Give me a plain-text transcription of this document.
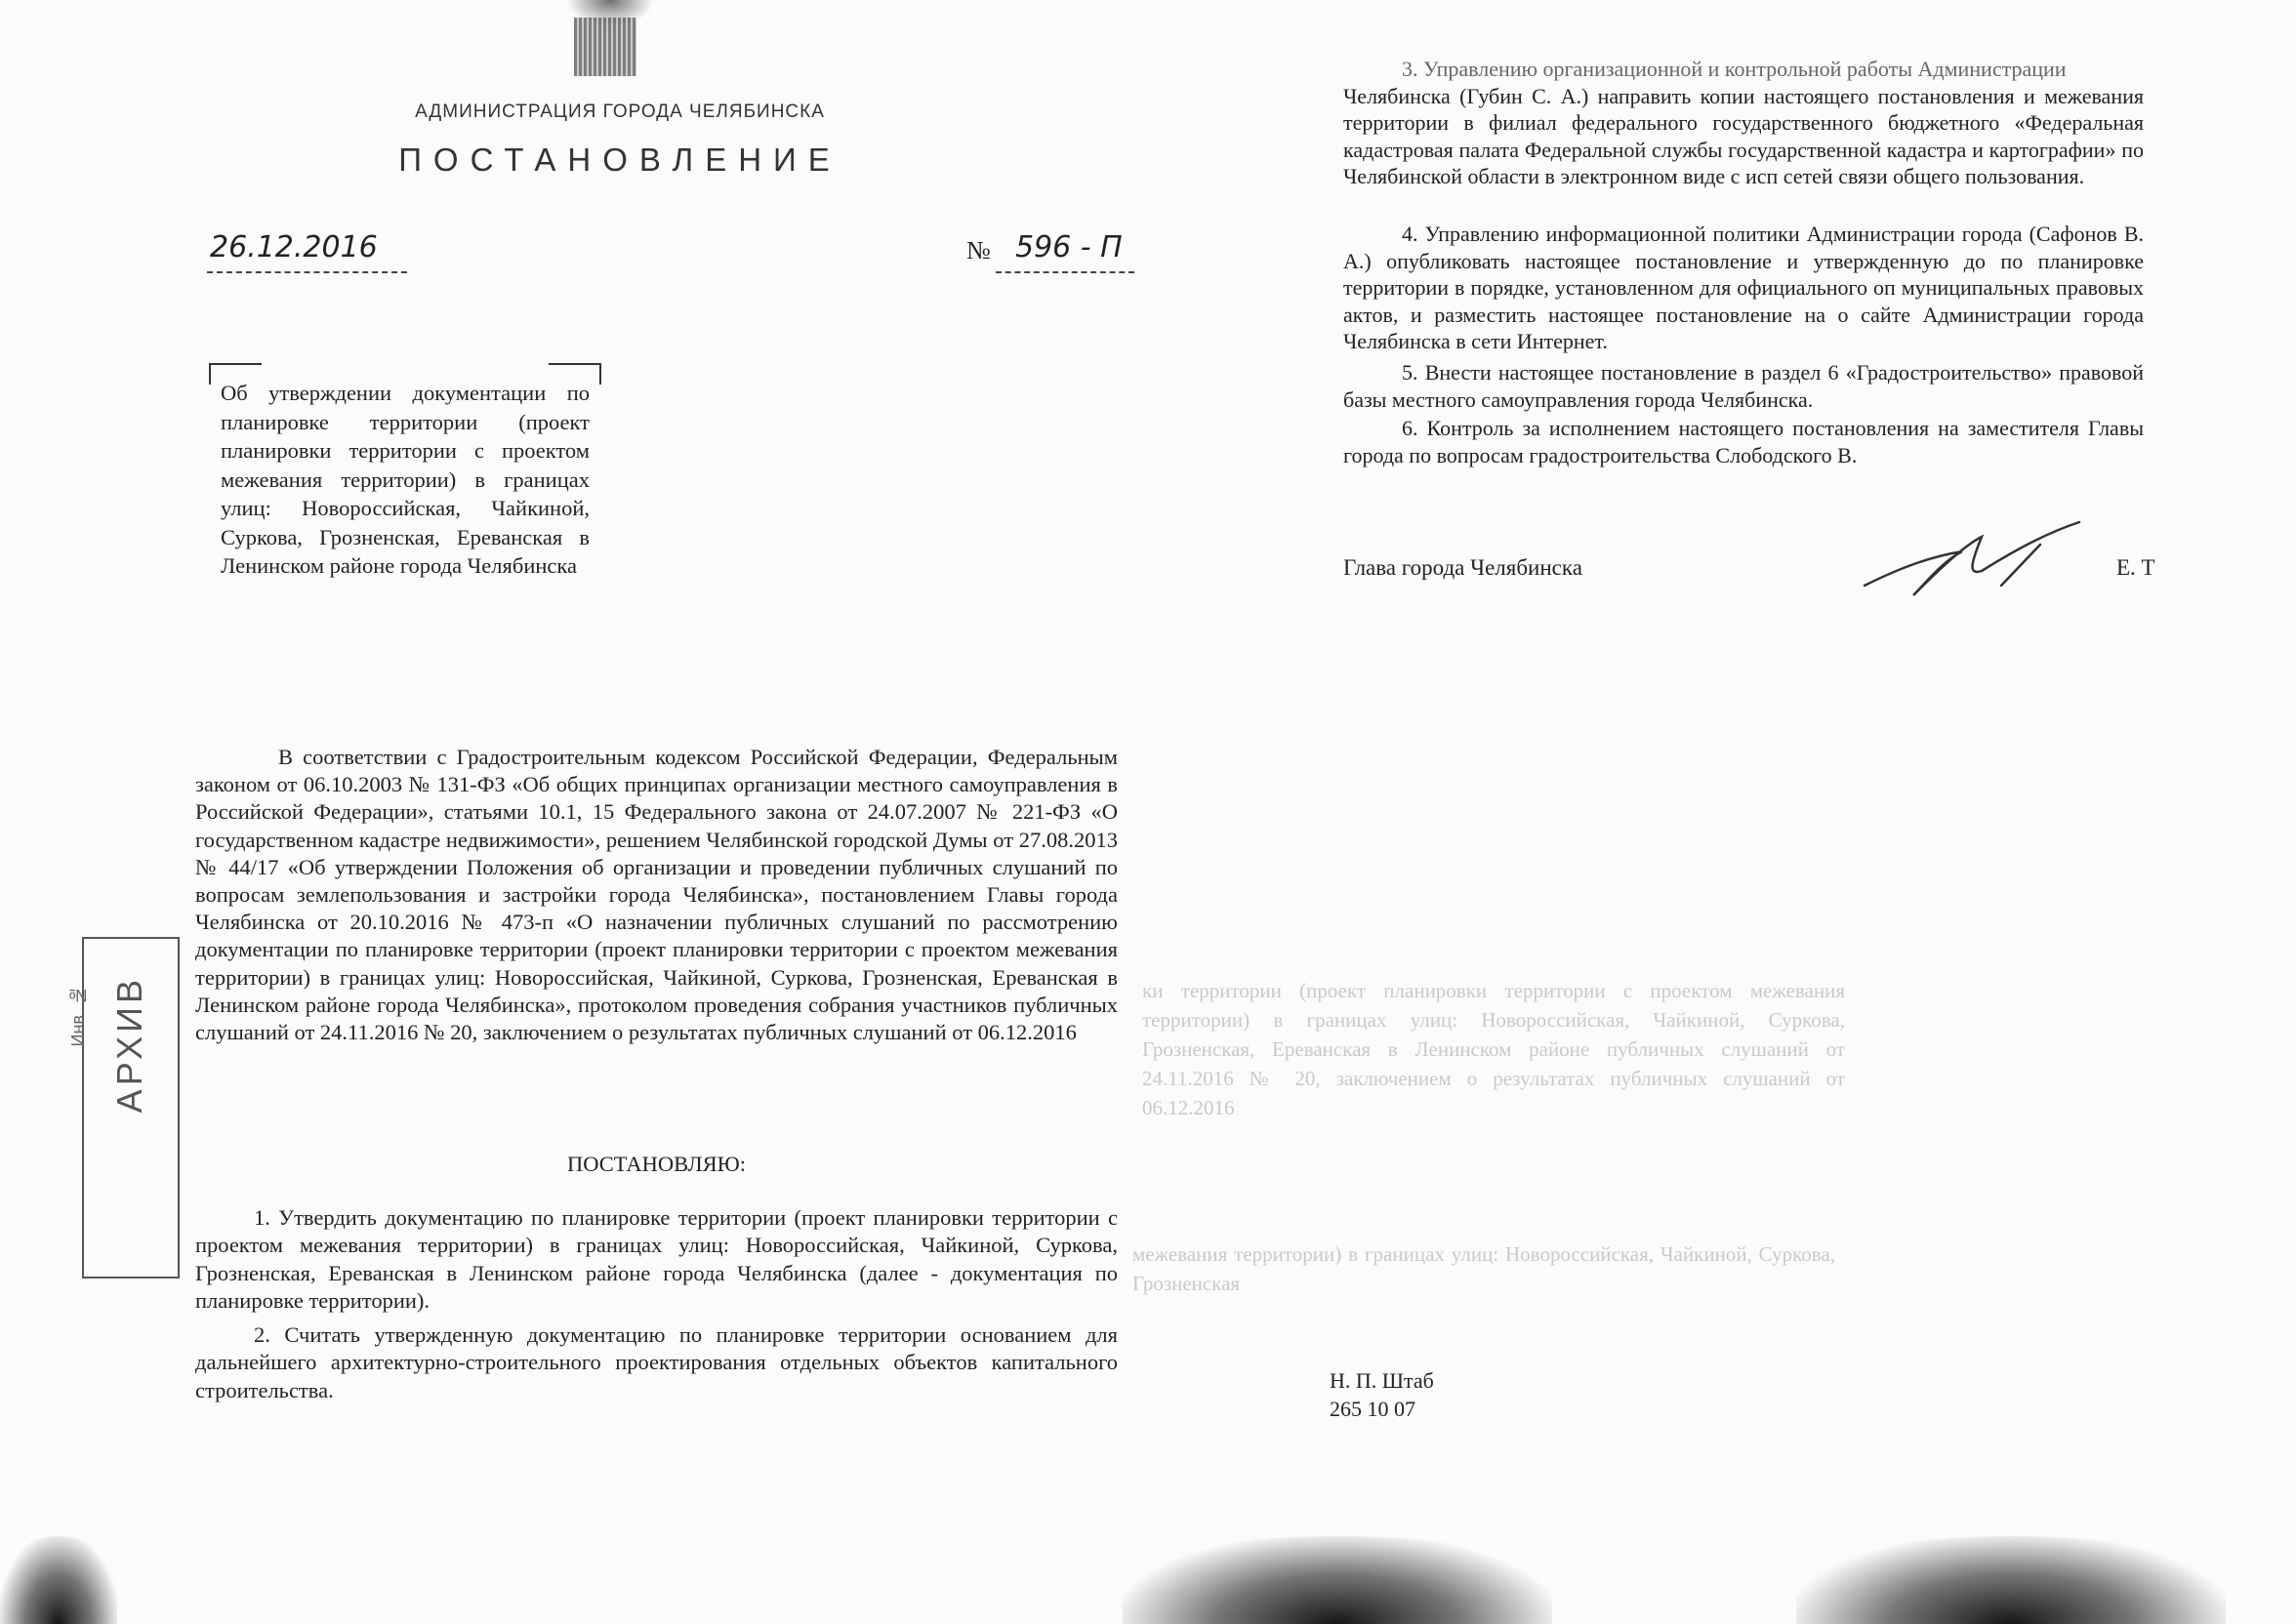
АДМИНИСТРАЦИЯ ГОРОДА ЧЕЛЯБИНСКА
ПОСТАНОВЛЕНИЕ
26.12.2016	№ 596 - П
Об утверждении документации по планировке территории (проект планировки территории с проектом межевания территории) в границах улиц: Новороссийская, Чайкиной, Суркова, Грозненская, Ереванская в Ленинском районе города Челябинска
В соответствии с Градостроительным кодексом Российской Федерации, Федеральным законом от 06.10.2003 № 131-ФЗ «Об общих принципах организации местного самоуправления в Российской Федерации», статьями 10.1, 15 Федерального закона от 24.07.2007 № 221-ФЗ «О государственном кадастре недвижимости», решением Челябинской городской Думы от 27.08.2013 № 44/17 «Об утверждении Положения об организации и проведении публичных слушаний по вопросам землепользования и застройки города Челябинска», постановлением Главы города Челябинска от 20.10.2016 № 473-п «О назначении публичных слушаний по рассмотрению документации по планировке территории (проект планировки территории с проектом межевания территории) в границах улиц: Новороссийская, Чайкиной, Суркова, Грозненская, Ереванская в Ленинском районе города Челябинска», протоколом проведения собрания участников публичных слушаний от 24.11.2016 № 20, заключением о результатах публичных слушаний от 06.12.2016
ПОСТАНОВЛЯЮ:
1. Утвердить документацию по планировке территории (проект планировки территории с проектом межевания территории) в границах улиц: Новороссийская, Чайкиной, Суркова, Грозненская, Ереванская в Ленинском районе города Челябинска (далее - документация по планировке территории).
2. Считать утвержденную документацию по планировке территории основанием для дальнейшего архитектурно-строительного проектирования отдельных объектов капитального строительства.
3. Управлению организационной и контрольной работы Администрации
Челябинска (Губин С. А.) направить копии настоящего постановления и межевания территории в филиал федерального государственного бюджетного «Федеральная кадастровая палата Федеральной службы государственной кадастра и картографии» по Челябинской области в электронном виде с исп сетей связи общего пользования.
4. Управлению информационной политики Администрации города (Сафонов В. А.) опубликовать настоящее постановление и утвержденную до по планировке территории в порядке, установленном для официального оп муниципальных правовых актов, и разместить настоящее постановление на о сайте Администрации города Челябинска в сети Интернет.
5. Внести настоящее постановление в раздел 6 «Градостроительство» правовой базы местного самоуправления города Челябинска.
6. Контроль за исполнением настоящего постановления на заместителя Главы города по вопросам градостроительства Слободского В.
Глава города Челябинска	Е. Т
Н. П. Штаб
265 10 07
АРХИВ
Инв. №	ки территории (проект планировки территории с проектом межевания территории) в границах улиц: Новороссийская, Чайкиной, Суркова, Грозненская, Ереванская в Ленинском районе публичных слушаний от 24.11.2016 № 20, заключением о результатах публичных слушаний от 06.12.2016
межевания территории) в границах улиц: Новороссийская, Чайкиной, Суркова, Грозненская
